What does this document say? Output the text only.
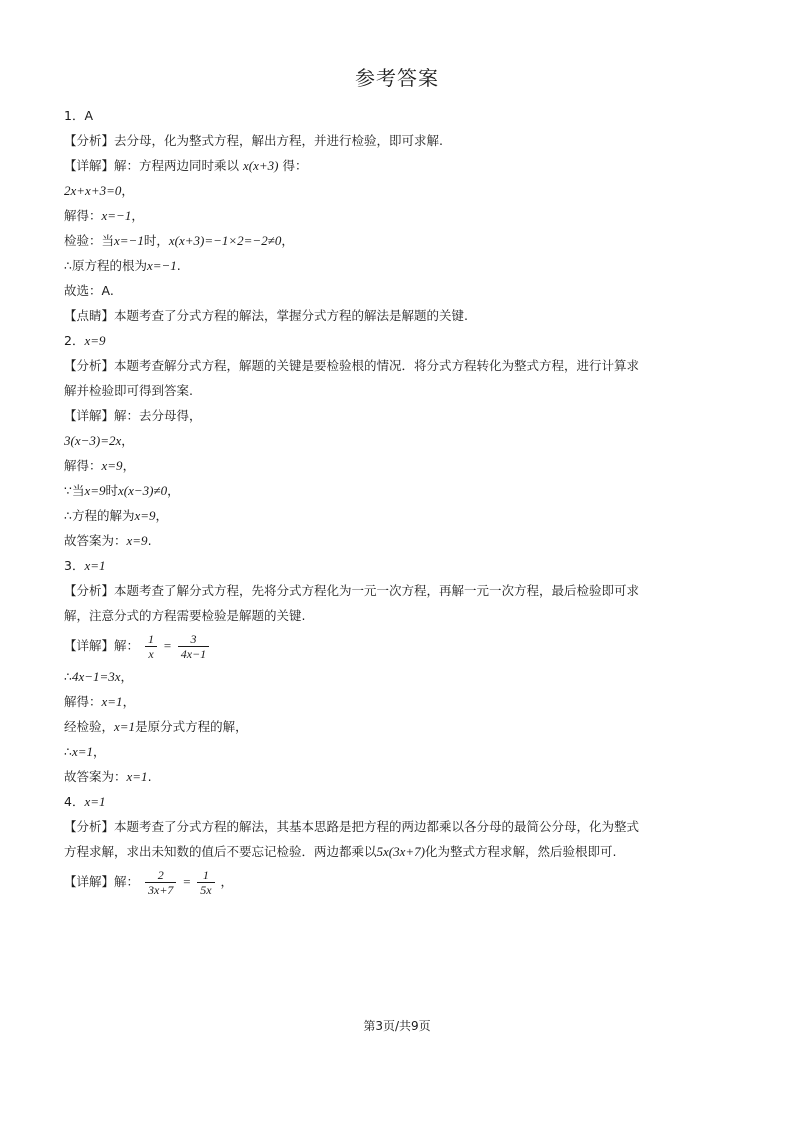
参考答案
1．A
【分析】去分母，化为整式方程，解出方程，并进行检验，即可求解.
【详解】解：方程两边同时乘以 x(x+3) 得：
2x+x+3=0，
解得：x=−1，
检验：当x=−1时，x(x+3)=−1×2=−2≠0，
∴原方程的根为x=−1.
故选：A.
【点睛】本题考查了分式方程的解法，掌握分式方程的解法是解题的关键.
2．x=9
【分析】本题考查解分式方程，解题的关键是要检验根的情况．将分式方程转化为整式方程，进行计算求
解并检验即可得到答案.
【详解】解：去分母得，
3(x−3)=2x，
解得：x=9，
∵当x=9时x(x−3)≠0，
∴方程的解为x=9，
故答案为：x=9.
3．x=1
【分析】本题考查了解分式方程，先将分式方程化为一元一次方程，再解一元一次方程，最后检验即可求
解，注意分式的方程需要检验是解题的关键.
【详解】解： $\frac{1}{x} = \frac{3}{4x-1}$
∴4x−1=3x，
解得：x=1，
经检验，x=1是原分式方程的解，
∴x=1，
故答案为：x=1.
4．x=1
【分析】本题考查了分式方程的解法，其基本思路是把方程的两边都乘以各分母的最简公分母，化为整式
方程求解，求出未知数的值后不要忘记检验．两边都乘以5x(3x+7)化为整式方程求解，然后验根即可.
【详解】解： $\frac{2}{3x+7} = \frac{1}{5x}$ ，
第3页/共9页
